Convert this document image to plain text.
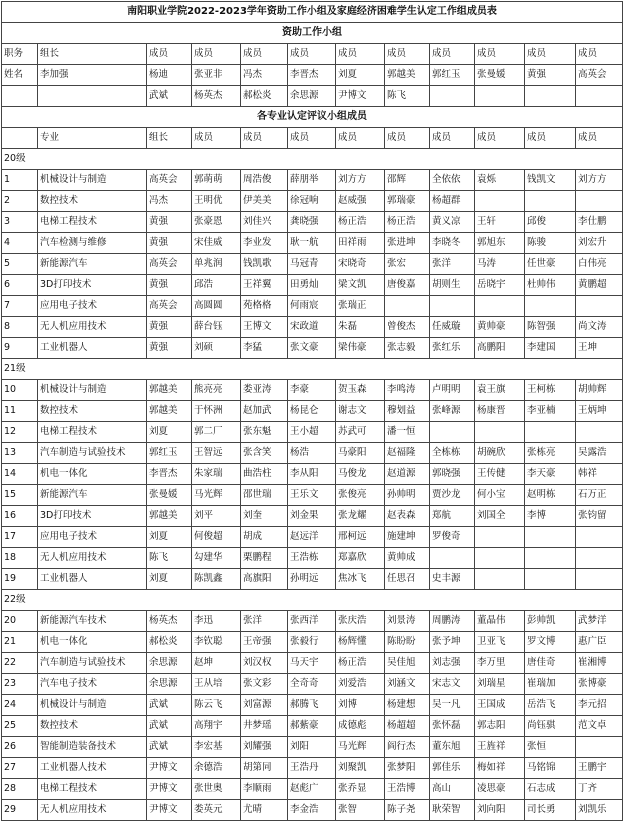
南阳职业学院2022-2023学年资助工作小组及家庭经济困难学生认定工作组成员表											
资助工作小组											
职务	组长	成员	成员	成员	成员	成员	成员	成员	成员	成员	成员
姓名	李加强	杨迪	张亚非	冯杰	李晋杰	刘夏	郭越美	郭红玉	张曼媛	黄强	高英会
		武斌	杨英杰	郝松炎	余思源	尹博文	陈飞				
各专业认定评议小组成员											
	专业	组长	成员	成员	成员	成员	成员	成员	成员	成员	成员
20级											
1	机械设计与制造	高英会	郭萌萌	周浩俊	薛朋举	刘方方	邵辉	全依依	袁烁	钱凯文	刘方方
2	数控技术	冯杰	王明优	伊美美	徐冠响	赵威强	郭瑞豪	杨超群			
3	电梯工程技术	黄强	张豪恩	刘佳兴	龚晓强	杨正浩	杨正浩	黄义凉	王轩	邱俊	李仕鹏
4	汽车检测与维修	黄强	宋佳威	李业发	耿一航	田祥雨	张进坤	李晓冬	郭旭东	陈骏	刘宏升
5	新能源汽车	高英会	单兆润	钱凯歌	马冠青	宋晓奇	张宏	张洋	马涛	任世豪	白伟亮
6	3D打印技术	黄强	邱浩	王祥翼	田勇灿	梁文凯	唐俊嘉	胡则生	岳晓宇	杜帅伟	黄鹏超
7	应用电子技术	高英会	高圆圆	苑格格	何雨宸	张瑞正					
8	无人机应用技术	黄强	薛台钰	王博文	宋政道	朱磊	曾俊杰	任威璇	黄帅豪	陈智强	尚文涛
9	工业机器人	黄强	刘硕	李猛	张文豪	梁伟豪	张志毅	张红乐	高鹏阳	李建国	王坤
21级											
10	机械设计与制造	郭越美	熊亮亮	娄亚涛	李豪	贺玉森	李鸣涛	卢明明	袁王旗	王柯栋	胡帅辉
11	数控技术	郭越美	于怀洲	赵加武	杨昆仑	谢志文	穆划益	张峰源	杨康晋	李亚楠	王炳坤
12	电梯工程技术	刘夏	郭二厂	张东魁	王小超	苏武可	潘一恒				
13	汽车制造与试验技术	郭红玉	王智远	张含笑	杨浩	马豪阳	赵福隆	全栋栋	胡碗欣	张栋亮	吴露浩
14	机电一体化	李晋杰	朱家瑞	曲浩柱	李从阳	马俊龙	赵道源	郭晓强	王传健	李天豪	韩祥
15	新能源汽车	张曼媛	马光辉	邵世瑞	王乐文	张俊亮	孙帅明	贾沙龙	何小宝	赵明栋	石万正
16	3D打印技术	郭越美	刘平	刘奎	刘金果	张龙耀	赵表森	郑航	刘国全	李博	张钧留
17	应用电子技术	刘夏	何俊超	胡成	赵远洋	邢柯远	施建坤	罗俊奇			
18	无人机应用技术	陈飞	勾建华	栗鹏程	王浩栋	郑嘉欣	黄帅成				
19	工业机器人	刘夏	陈凯鑫	高旗阳	孙明远	焦冰飞	任思召	史丰源			
22级											
20	新能源汽车技术	杨英杰	李迅	张洋	张西洋	张庆浩	刘景涛	周鹏涛	董晶伟	彭帅凯	武梦洋
21	机电一体化	郝松炎	李钦聪	王帝强	张毅行	杨辉懂	陈盼盼	张予坤	卫亚飞	罗文博	惠广臣
22	汽车制造与试验技术	余思源	赵坤	刘汉权	马天宇	杨正浩	吴佳旭	刘志强	李万里	唐佳奇	崔湘博
23	汽车电子技术	余思源	王从培	张文彩	全奇奇	刘爱浩	刘涵文	宋志文	刘瑞星	崔瑞加	张博豪
24	机械设计与制造	武斌	陈云飞	刘富源	郝腾飞	刘博	杨建想	吴一凡	王国成	岳浩飞	李元招
25	数控技术	武斌	高翔宇	井梦瑶	郝紫豪	成德彪	杨超超	张怀磊	郭志阳	尚钰骐	范文卓
26	智能制造装备技术	武斌	李宏基	刘耀强	刘阳	马光辉	阎行杰	董东旭	王旌祥	张恒	
27	工业机器人技术	尹博文	余德浩	胡第同	王浩丹	刘聚凯	张梦阳	郭佳乐	梅如祥	马铭锦	王鹏宇
28	电梯工程技术	尹博文	张世奥	李顺雨	赵彪广	张乔显	王浩博	高山	凌思豪	石志成	丁齐
29	无人机应用技术	尹博文	娄英元	尤晴	李金浩	张智	陈子尧	耿荣智	刘向阳	司长勇	刘凯乐
